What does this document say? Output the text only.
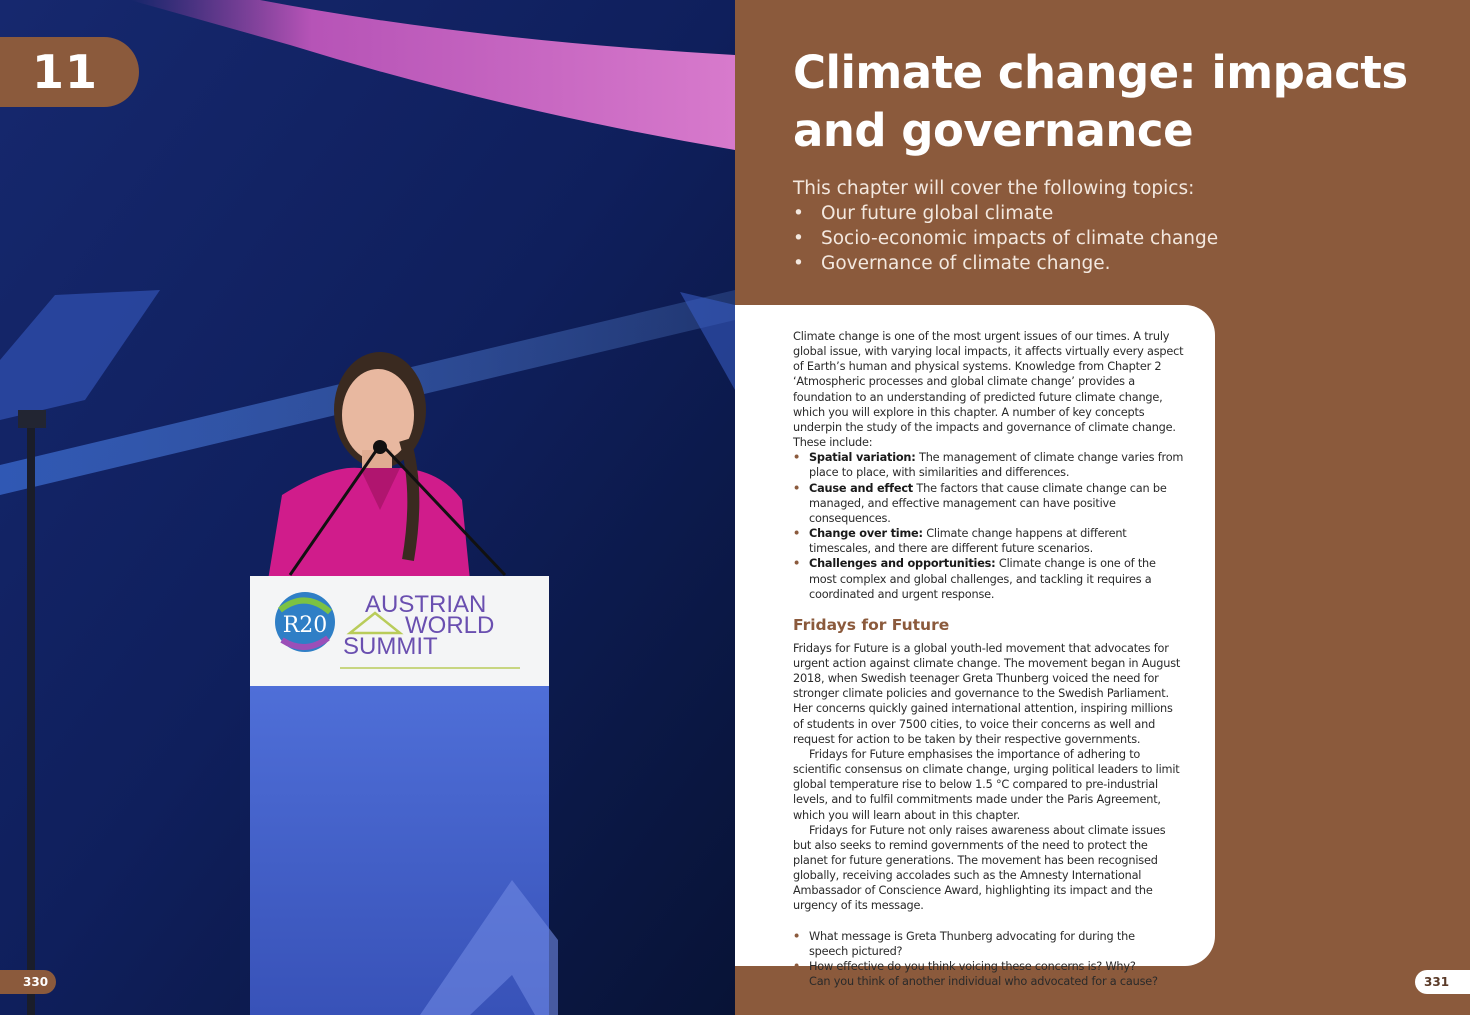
R20
AUSTRIAN
WORLD
SUMMIT
11
330
Climate change: impacts
and governance
This chapter will cover the following topics:
• Our future global climate
• Socio-economic impacts of climate change
• Governance of climate change.

Climate change is one of the most urgent issues of our times. A truly global issue, with varying local impacts, it affects virtually every aspect of Earth’s human and physical systems. Knowledge from Chapter 2 ‘Atmospheric processes and global climate change’ provides a foundation to an understanding of predicted future climate change, which you will explore in this chapter. A number of key concepts underpin the study of the impacts and governance of climate change. These include:

• Spatial variation: The management of climate change varies from place to place, with similarities and differences.
• Cause and effect The factors that cause climate change can be managed, and effective management can have positive consequences.
• Change over time: Climate change happens at different timescales, and there are different future scenarios.
• Challenges and opportunities: Climate change is one of the most complex and global challenges, and tackling it requires a coordinated and urgent response.
Fridays for Future

Fridays for Future is a global youth-led movement that advocates for urgent action against climate change. The movement began in August 2018, when Swedish teenager Greta Thunberg voiced the need for stronger climate policies and governance to the Swedish Parliament. Her concerns quickly gained international attention, inspiring millions of students in over 7500 cities, to voice their concerns as well and request for action to be taken by their respective governments.

Fridays for Future emphasises the importance of adhering to scientific consensus on climate change, urging political leaders to limit global temperature rise to below 1.5 °C compared to pre-industrial levels, and to fulfil commitments made under the Paris Agreement, which you will learn about in this chapter.

Fridays for Future not only raises awareness about climate issues but also seeks to remind governments of the need to protect the planet for future generations. The movement has been recognised globally, receiving accolades such as the Amnesty International Ambassador of Conscience Award, highlighting its impact and the urgency of its message.

• What message is Greta Thunberg advocating for during the speech pictured?
• How effective do you think voicing these concerns is? Why?
• Can you think of another individual who advocated for a cause?	331
